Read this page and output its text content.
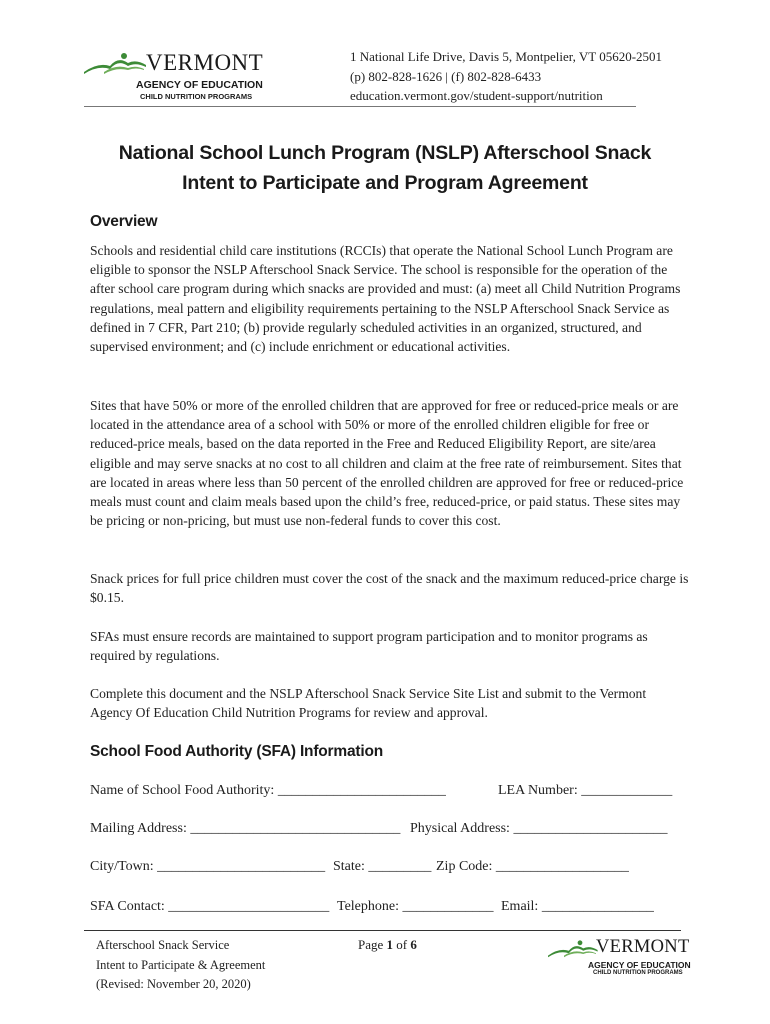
VERMONT
AGENCY OF EDUCATION
CHILD NUTRITION PROGRAMS
1 National Life Drive, Davis 5, Montpelier, VT 05620-2501
(p) 802-828-1626 | (f) 802-828-6433
education.vermont.gov/student-support/nutrition
National School Lunch Program (NSLP) Afterschool Snack
Intent to Participate and Program Agreement
Overview

Schools and residential child care institutions (RCCIs) that operate the National School Lunch Program are eligible to sponsor the NSLP Afterschool Snack Service. The school is responsible for the operation of the after school care program during which snacks are provided and must: (a) meet all Child Nutrition Programs regulations, meal pattern and eligibility requirements pertaining to the NSLP Afterschool Snack Service as defined in 7 CFR, Part 210; (b) provide regularly scheduled activities in an organized, structured, and supervised environment; and (c) include enrichment or educational activities.

Sites that have 50% or more of the enrolled children that are approved for free or reduced-price meals or are located in the attendance area of a school with 50% or more of the enrolled children eligible for free or reduced-price meals, based on the data reported in the Free and Reduced Eligibility Report, are site/area eligible and may serve snacks at no cost to all children and claim at the free rate of reimbursement. Sites that are located in areas where less than 50 percent of the enrolled children are approved for free or reduced-price meals must count and claim meals based upon the child’s free, reduced-price, or paid status. These sites may be pricing or non-pricing, but must use non-federal funds to cover this cost.

Snack prices for full price children must cover the cost of the snack and the maximum reduced-price charge is $0.15.

SFAs must ensure records are maintained to support program participation and to monitor programs as required by regulations.

Complete this document and the NSLP Afterschool Snack Service Site List and submit to the Vermont Agency Of Education Child Nutrition Programs for review and approval.

School Food Authority (SFA) Information
Name of School Food Authority: ________________________	LEA Number: _____________
Mailing Address: ______________________________ Physical Address: ______________________
City/Town: ________________________ State: _________ Zip Code: ___________________
SFA Contact: _______________________ Telephone: _____________ Email: ________________
Afterschool Snack Service
Intent to Participate & Agreement
(Revised: November 20, 2020)
Page 1 of 6	VERMONT
AGENCY OF EDUCATION
CHILD NUTRITION PROGRAMS
